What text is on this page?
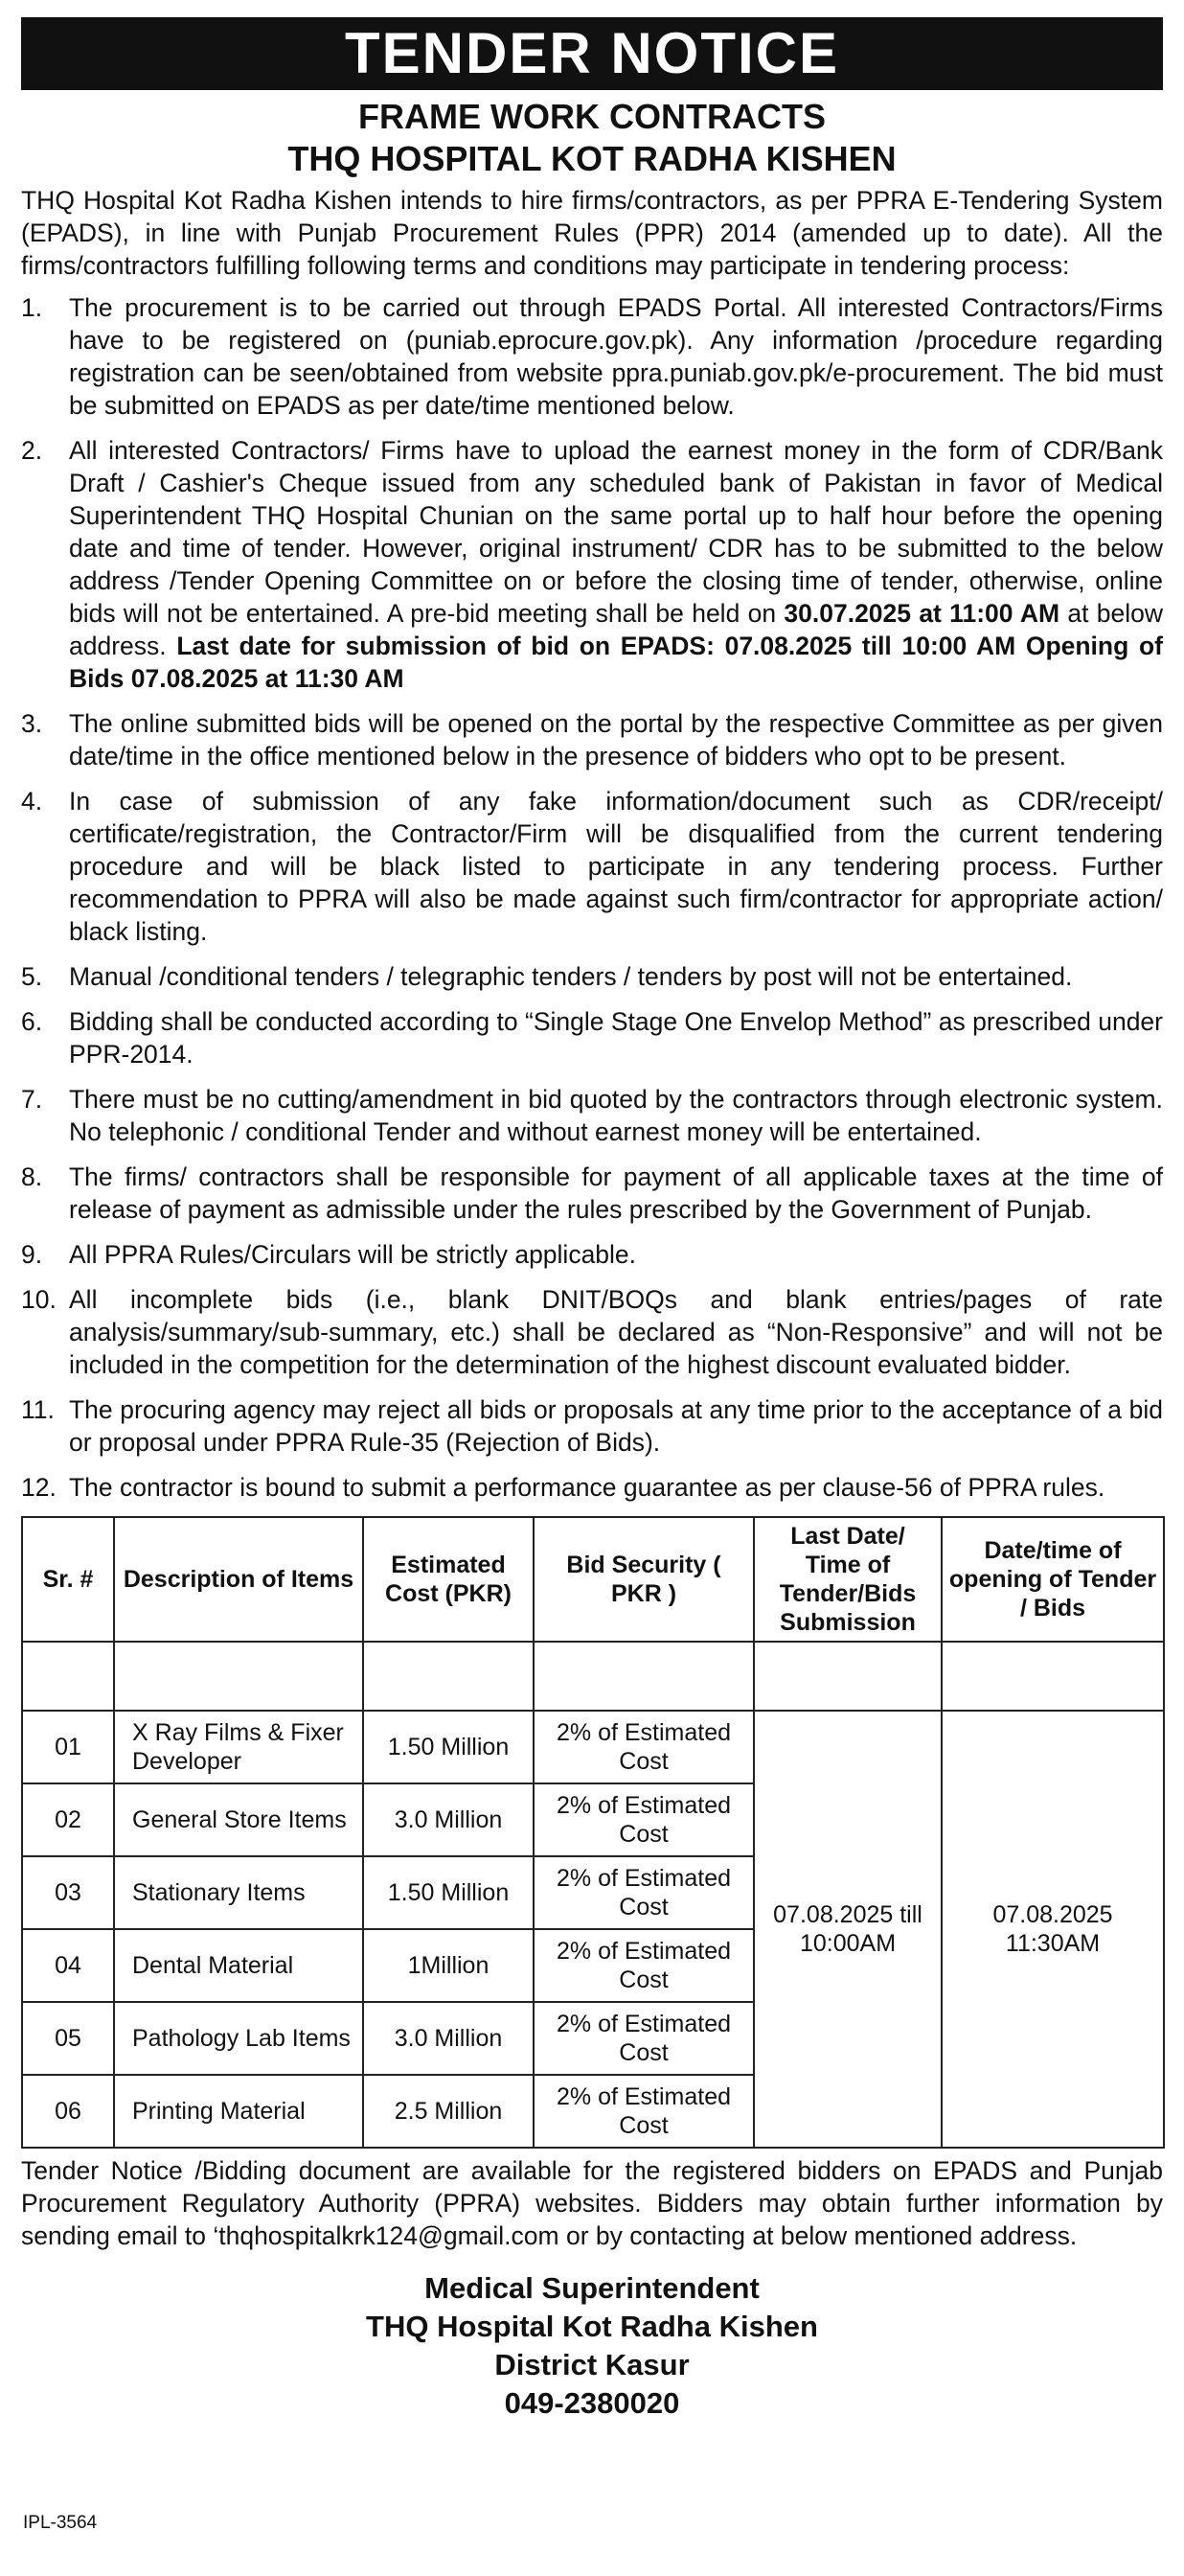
TENDER NOTICE
FRAME WORK CONTRACTS
THQ HOSPITAL KOT RADHA KISHEN

THQ Hospital Kot Radha Kishen intends to hire firms/contractors, as per PPRA E-Tendering System (EPADS), in line with Punjab Procurement Rules (PPR) 2014 (amended up to date). All the firms/contractors fulfilling following terms and conditions may participate in tendering process:

1.	The procurement is to be carried out through EPADS Portal. All interested Contractors/Firms have to be registered on (puniab.eprocure.gov.pk). Any information /procedure regarding registration can be seen/obtained from website ppra.puniab.gov.pk/e-procurement. The bid must be submitted on EPADS as per date/time mentioned below.
2.	All interested Contractors/ Firms have to upload the earnest money in the form of CDR/Bank Draft / Cashier's Cheque issued from any scheduled bank of Pakistan in favor of Medical Superintendent THQ Hospital Chunian on the same portal up to half hour before the opening date and time of tender. However, original instrument/ CDR has to be submitted to the below address /Tender Opening Committee on or before the closing time of tender, otherwise, online bids will not be entertained. A pre-bid meeting shall be held on 30.07.2025 at 11:00 AM at below address. Last date for submission of bid on EPADS: 07.08.2025 till 10:00 AM Opening of Bids 07.08.2025 at 11:30 AM
3.	The online submitted bids will be opened on the portal by the respective Committee as per given date/time in the office mentioned below in the presence of bidders who opt to be present.
4.	In case of submission of any fake information/document such as CDR/receipt/ certificate/registration, the Contractor/Firm will be disqualified from the current tendering procedure and will be black listed to participate in any tendering process. Further recommendation to PPRA will also be made against such firm/contractor for appropriate action/ black listing.
5.	Manual /conditional tenders / telegraphic tenders / tenders by post will not be entertained.
6.	Bidding shall be conducted according to “Single Stage One Envelop Method” as prescribed under PPR-2014.
7.	There must be no cutting/amendment in bid quoted by the contractors through electronic system. No telephonic / conditional Tender and without earnest money will be entertained.
8.	The firms/ contractors shall be responsible for payment of all applicable taxes at the time of release of payment as admissible under the rules prescribed by the Government of Punjab.
9.	All PPRA Rules/Circulars will be strictly applicable.
10. All incomplete bids (i.e., blank DNIT/BOQs and blank entries/pages of rate analysis/summary/sub-summary, etc.) shall be declared as “Non-Responsive” and will not be included in the competition for the determination of the highest discount evaluated bidder.
11. The procuring agency may reject all bids or proposals at any time prior to the acceptance of a bid or proposal under PPRA Rule-35 (Rejection of Bids).
12. The contractor is bound to submit a performance guarantee as per clause-56 of PPRA rules.
Sr. #	Description of Items	Estimated Cost (PKR)	Bid Security ( PKR )	Last Date/ Time of Tender/Bids Submission	Date/time of opening of Tender / Bids

01	X Ray Films & Fixer Developer	1.50 Million	2% of Estimated Cost	07.08.2025 till 10:00AM	07.08.2025 11:30AM
02	General Store Items	3.0 Million	2% of Estimated Cost		
03	Stationary Items	1.50 Million	2% of Estimated Cost		
04	Dental Material	1Million	2% of Estimated Cost		
05	Pathology Lab Items	3.0 Million	2% of Estimated Cost		
06	Printing Material	2.5 Million	2% of Estimated Cost		

Tender Notice /Bidding document are available for the registered bidders on EPADS and Punjab Procurement Regulatory Authority (PPRA) websites. Bidders may obtain further information by sending email to ‘thqhospitalkrk124@gmail.com or by contacting at below mentioned address.

Medical Superintendent
THQ Hospital Kot Radha Kishen
District Kasur
049-2380020
IPL-3564
